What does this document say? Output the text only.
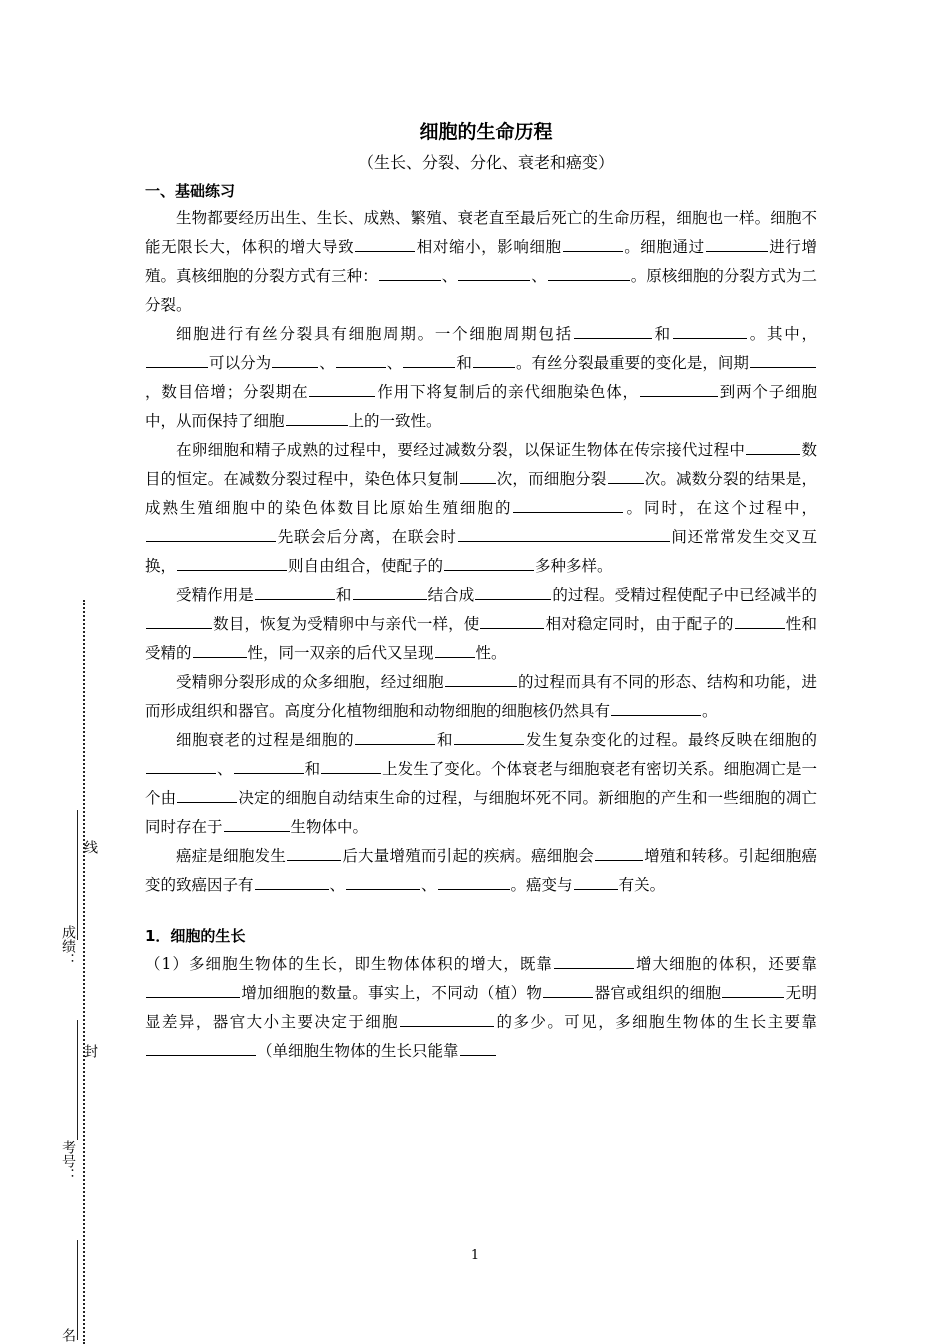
线
成绩：
封
考号：
名
细胞的生命历程
（生长、分裂、分化、衰老和癌变）
一、基础练习

生物都要经历出生、生长、成熟、繁殖、衰老直至最后死亡的生命历程，细胞也一样。细胞不能无限长大，体积的增大导致	相对缩小，影响细胞	。细胞通过	进行增殖。真核细胞的分裂方式有三种：	、	、	。原核细胞的分裂方式为二分裂。

细胞进行有丝分裂具有细胞周期。一个细胞周期包括	和	。其中，可以分为	、	、	和	。有丝分裂最重要的变化是，间期，数目倍增；分裂期在	作用下将复制后的亲代细胞染色体，	到两个子细胞中，从而保持了细胞	上的一致性。

在卵细胞和精子成熟的过程中，要经过减数分裂，以保证生物体在传宗接代过程中	数目的恒定。在减数分裂过程中，染色体只复制 次，而细胞分裂 次。减数分裂的结果是，成熟生殖细胞中的染色体数目比原始生殖细胞的	。同时，在这个过程中，先联会后分离，在联会时	间还常常发生交叉互换，	则自由组合，使配子的	多种多样。

受精作用是	和	结合成	的过程。受精过程使配子中已经减半的数目，恢复为受精卵中与亲代一样，使	相对稳定同时，由于配子的	性和受精的	性，同一双亲的后代又呈现	性。

受精卵分裂形成的众多细胞，经过细胞	的过程而具有不同的形态、结构和功能，进而形成组织和器官。高度分化植物细胞和动物细胞的细胞核仍然具有	。

细胞衰老的过程是细胞的	和	发生复杂变化的过程。最终反映在细胞的、	和	上发生了变化。个体衰老与细胞衰老有密切关系。细胞凋亡是一个由	决定的细胞自动结束生命的过程，与细胞坏死不同。新细胞的产生和一些细胞的凋亡同时存在于	生物体中。

癌症是细胞发生	后大量增殖而引起的疾病。癌细胞会	增殖和转移。引起细胞癌变的致癌因子有	、	、	。癌变与	有关。

1．细胞的生长

（1）多细胞生物体的生长，即生物体体积的增大，既靠	增大细胞的体积，还要靠增加细胞的数量。事实上，不同动（植）物	器官或组织的细胞	无明显差异，器官大小主要决定于细胞	的多少。可见，多细胞生物体的生长主要靠（单细胞生物体的生长只能靠

1
